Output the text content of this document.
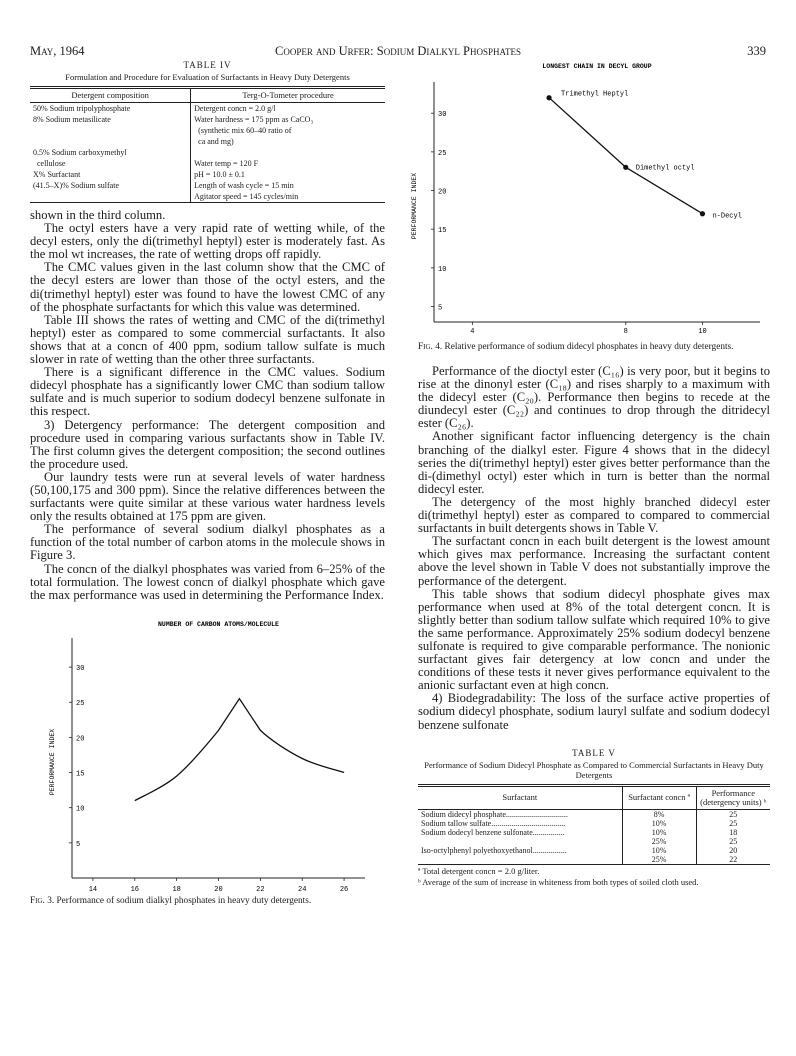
May, 1964	Cooper and Urfer: Sodium Dialkyl Phosphates	339

TABLE IV

Formulation and Procedure for Evaluation of Surfactants in Heavy Duty Detergents

Detergent composition	Terg-O-Tometer procedure
50% Sodium tripolyphosphate	Detergent concn = 2.0 g/l
8% Sodium metasilicate	Water hardness = 175 ppm as CaCO₃
	(synthetic mix 60–40 ratio of
	ca and mg)
0.5% Sodium carboxymethyl	
cellulose	Water temp = 120 F
X% Surfactant	pH = 10.0 ± 0.1
(41.5–X)% Sodium sulfate	Length of wash cycle = 15 min
	Agitator speed = 145 cycles/min

shown in the third column.

The octyl esters have a very rapid rate of wetting while, of the decyl esters, only the di(trimethyl heptyl) ester is moderately fast. As the mol wt increases, the rate of wetting drops off rapidly.

The CMC values given in the last column show that the CMC of the decyl esters are lower than those of the octyl esters, and the di(trimethyl heptyl) ester was found to have the lowest CMC of any of the phosphate surfactants for which this value was determined.

Table III shows the rates of wetting and CMC of the di(trimethyl heptyl) ester as compared to some commercial surfactants. It also shows that at a concn of 400 ppm, sodium tallow sulfate is much slower in rate of wetting than the other three surfactants.

There is a significant difference in the CMC values. Sodium didecyl phosphate has a significantly lower CMC than sodium tallow sulfate and is much superior to sodium dodecyl benzene sulfonate in this respect.

3) Detergency performance: The detergent composition and procedure used in comparing various surfactants show in Table IV. The first column gives the detergent composition; the second outlines the procedure used.

Our laundry tests were run at several levels of water hardness (50,100,175 and 300 ppm). Since the relative differences between the surfactants were quite similar at these various water hardness levels only the results obtained at 175 ppm are given.

The performance of several sodium dialkyl phosphates as a function of the total number of carbon atoms in the molecule shows in Figure 3.

The concn of the dialkyl phosphates was varied from 6–25% of the total formulation. The lowest concn of dialkyl phosphate which gave the max performance was used in determining the Performance Index.

NUMBER OF CARBON ATOMS/MOLECULE
PERFORMANCE INDEX
5
10
15
20
25
30
14	16	18	20	22	24	26

Fig. 3. Performance of sodium dialkyl phosphates in heavy duty detergents.

LONGEST CHAIN IN DECYL GROUP
PERFORMANCE INDEX
5
10
15
20
25
30
4	8	10
Trimethyl Heptyl
Dimethyl octyl
n-Decyl

Fig. 4. Relative performance of sodium didecyl phosphates in heavy duty detergents.

Performance of the dioctyl ester (C₁₆) is very poor, but it begins to rise at the dinonyl ester (C₁₈) and rises sharply to a maximum with the didecyl ester (C₂₀). Performance then begins to recede at the diundecyl ester (C₂₂) and continues to drop through the ditridecyl ester (C₂₆).

Another significant factor influencing detergency is the chain branching of the dialkyl ester. Figure 4 shows that in the didecyl series the di(trimethyl heptyl) ester gives better performance than the di-(dimethyl octyl) ester which in turn is better than the normal didecyl ester.

The detergency of the most highly branched didecyl ester di(trimethyl heptyl) ester as compared to compared to commercial surfactants in built detergents shows in Table V.

The surfactant concn in each built detergent is the lowest amount which gives max performance. Increasing the surfactant content above the level shown in Table V does not substantially improve the performance of the detergent.

This table shows that sodium didecyl phosphate gives max performance when used at 8% of the total detergent concn. It is slightly better than sodium tallow sulfate which required 10% to give the same performance. Approximately 25% sodium dodecyl benzene sulfonate is required to give comparable performance. The nonionic surfactant gives fair detergency at low concn and under the conditions of these tests it never gives performance equivalent to the anionic surfactant even at high concn.

4) Biodegradability: The loss of the surface active properties of sodium didecyl phosphate, sodium lauryl sulfate and sodium dodecyl benzene sulfonate

TABLE V

Performance of Sodium Didecyl Phosphate as Compared to Commercial Surfactants in Heavy Duty Detergents

Surfactant	Surfactant concn ª	Performance (detergency units) ᵇ
Sodium didecyl phosphate...............................	8%	25
Sodium tallow sulfate.....................................	10%	25
Sodium dodecyl benzene sulfonate................	10%	18
	25%	25
Iso-octylphenyl polyethoxyethanol.................	10%	20
	25%	22

ª Total detergent concn = 2.0 g/liter.

ᵇ Average of the sum of increase in whiteness from both types of soiled cloth used.
